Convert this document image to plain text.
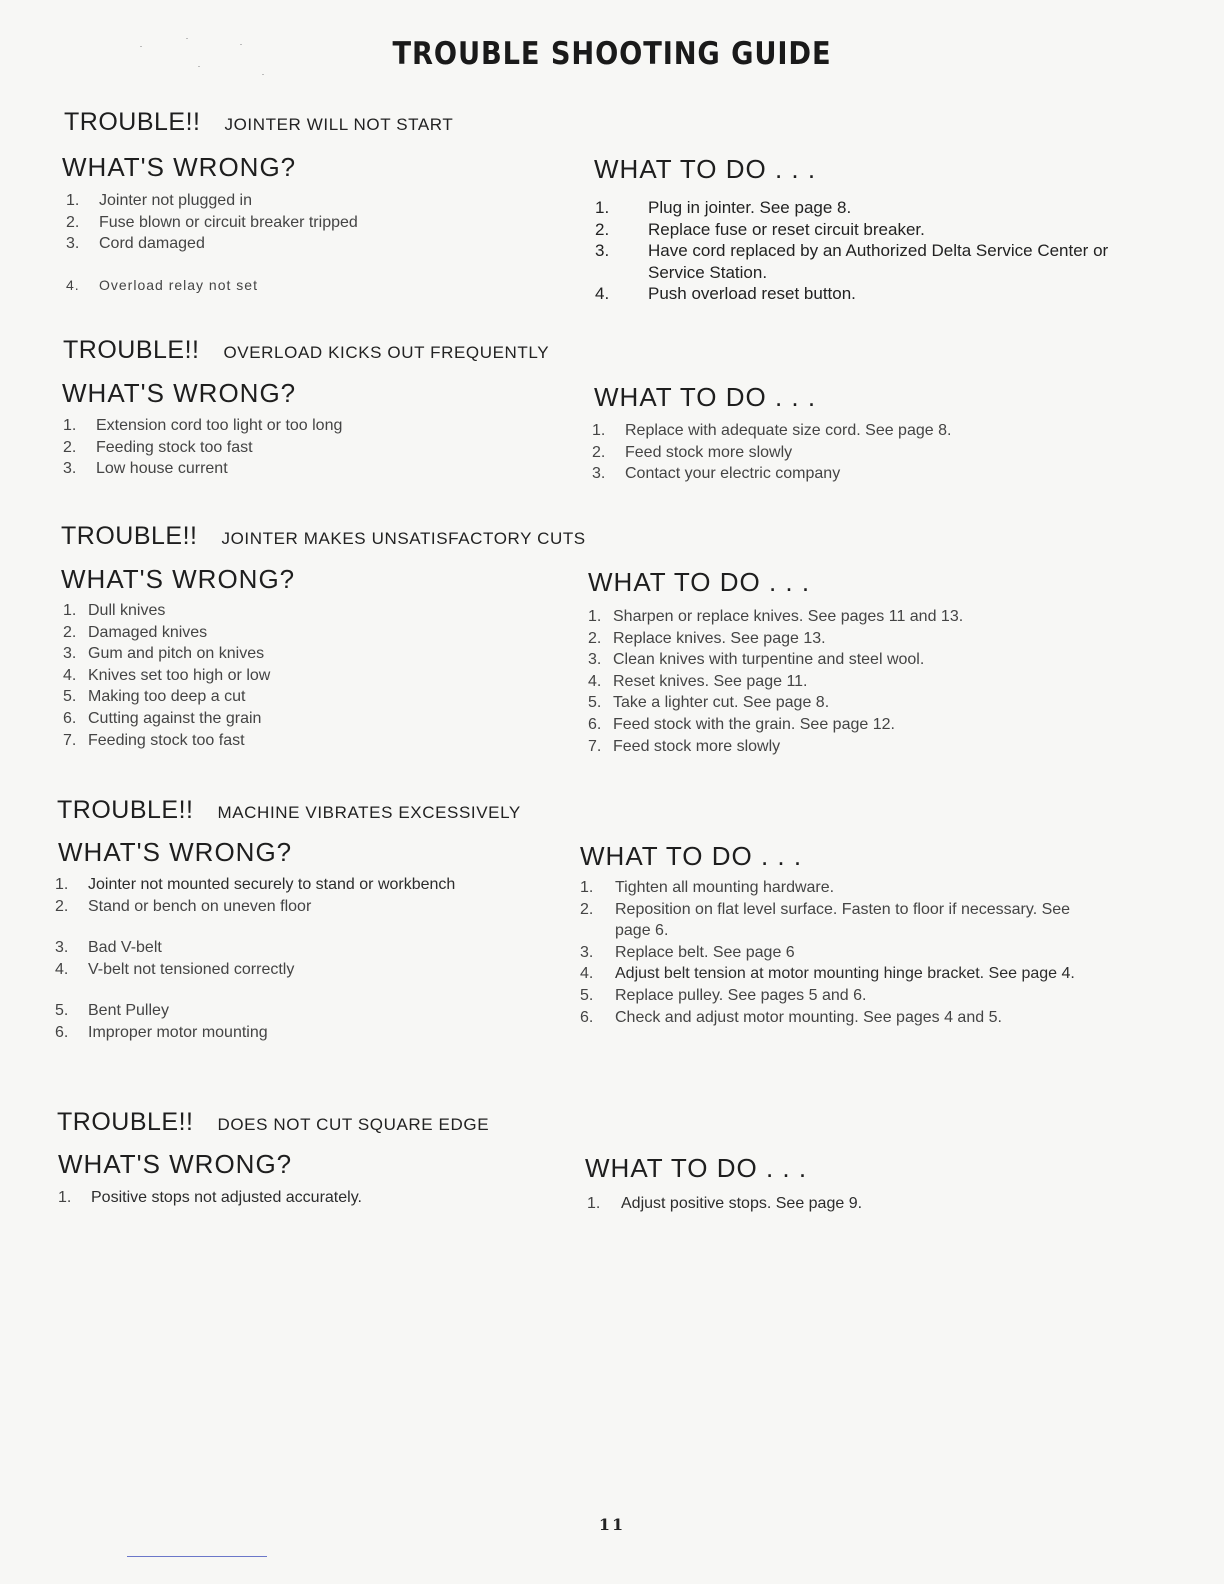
TROUBLE SHOOTING GUIDE
TROUBLE!! JOINTER WILL NOT START
WHAT'S WRONG?	WHAT TO DO . . .
1.	Jointer not plugged in
2.	Fuse blown or circuit breaker tripped
3.	Cord damaged
4.	Overload relay not set
1.	Plug in jointer. See page 8.
2.	Replace fuse or reset circuit breaker.
3.	Have cord replaced by an Authorized Delta Service Center or Service Station.
4.	Push overload reset button.
TROUBLE!! OVERLOAD KICKS OUT FREQUENTLY
WHAT'S WRONG?	WHAT TO DO . . .
1.	Extension cord too light or too long
2.	Feeding stock too fast
3.	Low house current
1.	Replace with adequate size cord. See page 8.
2.	Feed stock more slowly
3.	Contact your electric company
TROUBLE!! JOINTER MAKES UNSATISFACTORY CUTS
WHAT'S WRONG?	WHAT TO DO . . .
1. Dull knives
2. Damaged knives
3. Gum and pitch on knives
4. Knives set too high or low
5. Making too deep a cut
6. Cutting against the grain
7. Feeding stock too fast
1. Sharpen or replace knives. See pages 11 and 13.
2. Replace knives. See page 13.
3. Clean knives with turpentine and steel wool.
4. Reset knives. See page 11.
5. Take a lighter cut. See page 8.
6. Feed stock with the grain. See page 12.
7. Feed stock more slowly
TROUBLE!! MACHINE VIBRATES EXCESSIVELY
WHAT'S WRONG?	WHAT TO DO . . .
1.	Jointer not mounted securely to stand or workbench
2.	Stand or bench on uneven floor
3.	Bad V-belt
4.	V-belt not tensioned correctly
5.	Bent Pulley
6.	Improper motor mounting
1.	Tighten all mounting hardware.
2.	Reposition on flat level surface. Fasten to floor if necessary. See page 6.
3.	Replace belt. See page 6
4.	Adjust belt tension at motor mounting hinge bracket. See page 4.
5.	Replace pulley. See pages 5 and 6.
6.	Check and adjust motor mounting. See pages 4 and 5.
TROUBLE!! DOES NOT CUT SQUARE EDGE
WHAT'S WRONG?	WHAT TO DO . . .
1.	Positive stops not adjusted accurately.	1.	Adjust positive stops. See page 9.
11
